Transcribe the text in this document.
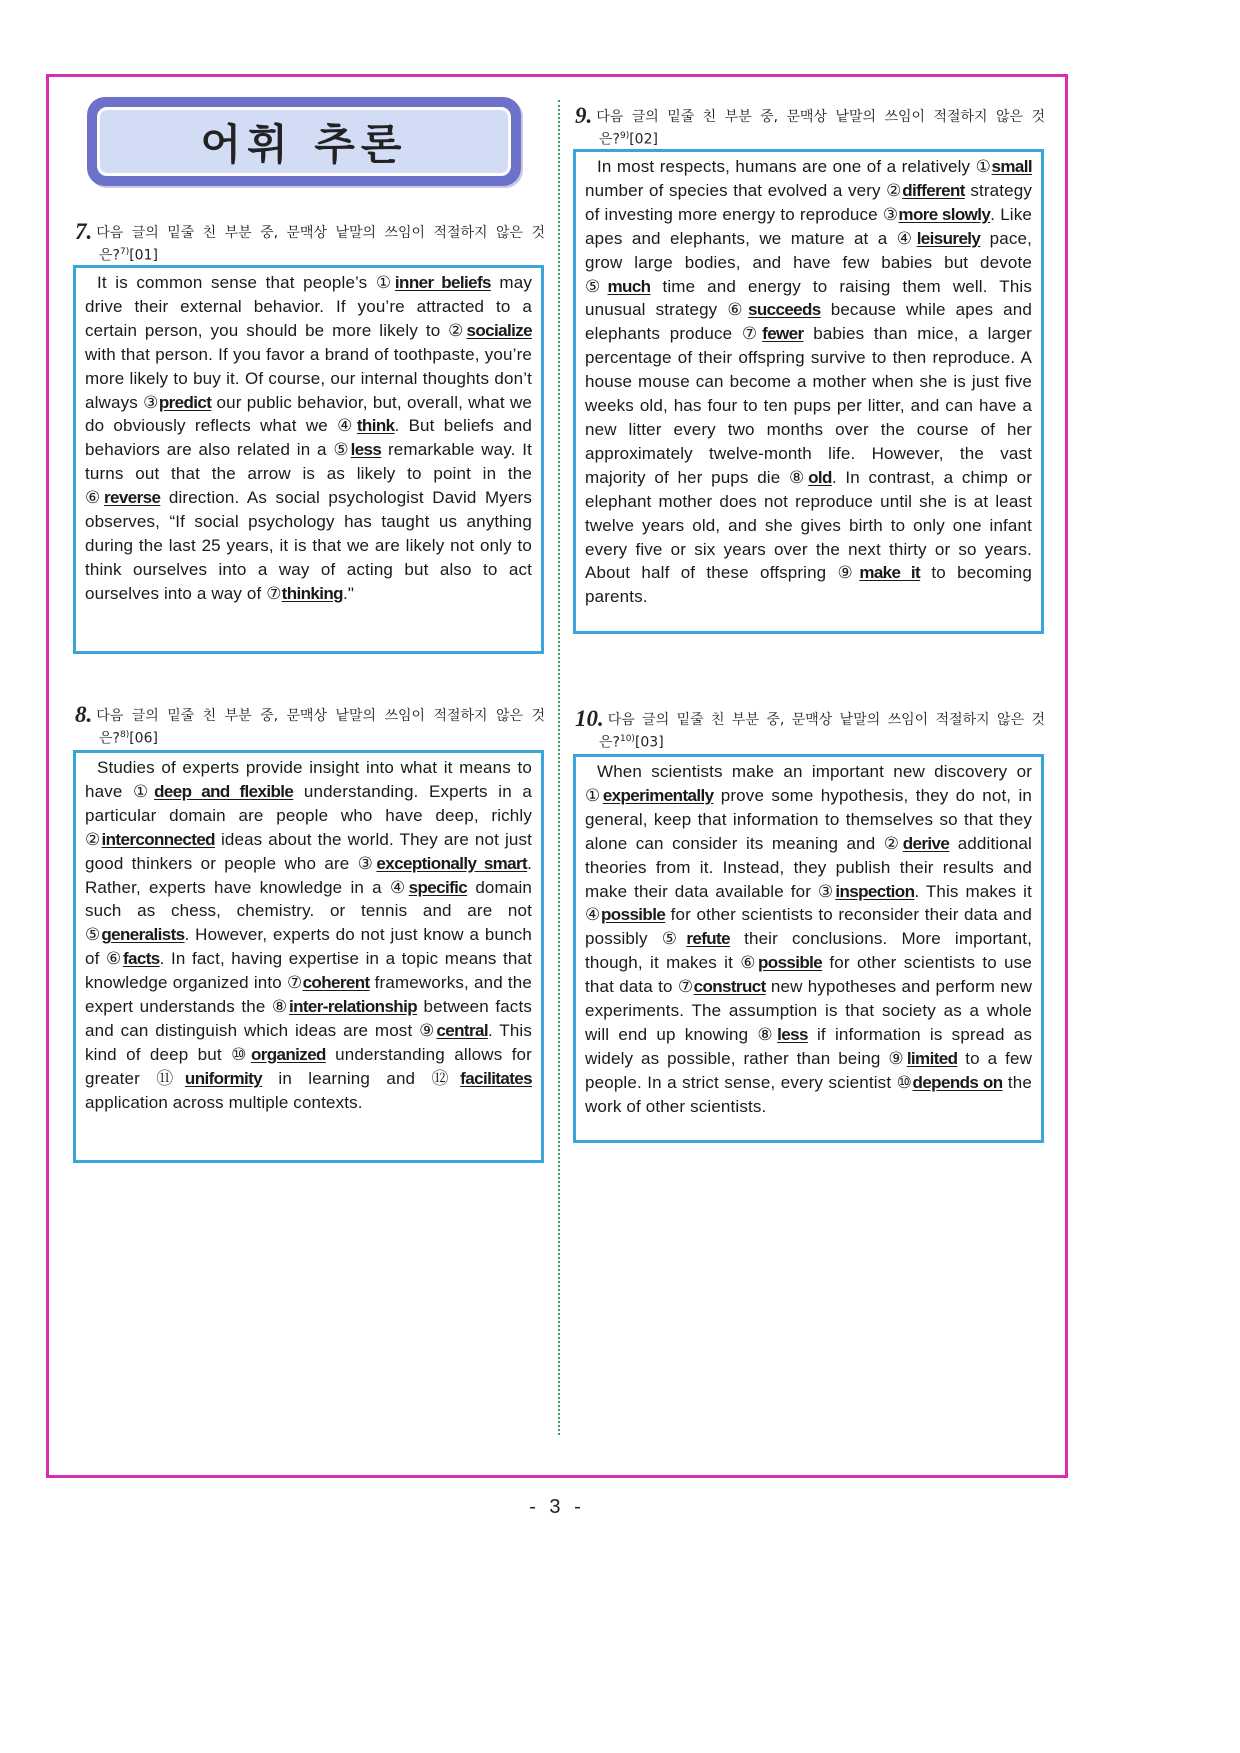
어휘 추론
7. 다음 글의 밑줄 친 부분 중, 문맥상 낱말의 쓰임이 적절하지 않은 것
은?$^{7)}$[01]

It is common sense that people’s ①inner beliefs may drive their external behavior. If you’re attracted to a certain person, you should be more likely to ②socialize with that person. If you favor a brand of toothpaste, you’re more likely to buy it. Of course, our internal thoughts don’t always ③predict our public behavior, but, overall, what we do obviously reflects what we ④think. But beliefs and behaviors are also related in a ⑤less remarkable way. It turns out that the arrow is as likely to point in the ⑥reverse direction. As social psychologist David Myers observes, “If social psychology has taught us anything during the last 25 years, it is that we are likely not only to think ourselves into a way of acting but also to act ourselves into a way of ⑦thinking."

8. 다음 글의 밑줄 친 부분 중, 문맥상 낱말의 쓰임이 적절하지 않은 것
은?$^{8)}$[06]

Studies of experts provide insight into what it means to have ①deep and flexible understanding. Experts in a particular domain are people who have deep, richly ②interconnected ideas about the world. They are not just good thinkers or people who are ③exceptionally smart. Rather, experts have knowledge in a ④specific domain such as chess, chemistry. or tennis and are not ⑤generalists. However, experts do not just know a bunch of ⑥facts. In fact, having expertise in a topic means that knowledge organized into ⑦coherent frameworks, and the expert understands the ⑧inter-relationship between facts and can distinguish which ideas are most ⑨central. This kind of deep but ⑩organized understanding allows for greater ⑪uniformity in learning and ⑫facilitates application across multiple contexts.

9. 다음 글의 밑줄 친 부분 중, 문맥상 낱말의 쓰임이 적절하지 않은 것
은?$^{9)}$[02]

In most respects, humans are one of a relatively ①small number of species that evolved a very ②different strategy of investing more energy to reproduce ③more slowly. Like apes and elephants, we mature at a ④leisurely pace, grow large bodies, and have few babies but devote ⑤much time and energy to raising them well. This unusual strategy ⑥succeeds because while apes and elephants produce ⑦fewer babies than mice, a larger percentage of their offspring survive to then reproduce. A house mouse can become a mother when she is just five weeks old, has four to ten pups per litter, and can have a new litter every two months over the course of her approximately twelve-month life. However, the vast majority of her pups die ⑧old. In contrast, a chimp or elephant mother does not reproduce until she is at least twelve years old, and she gives birth to only one infant every five or six years over the next thirty or so years. About half of these offspring ⑨make it to becoming parents.

10. 다음 글의 밑줄 친 부분 중, 문맥상 낱말의 쓰임이 적절하지 않은 것
은?$^{10)}$[03]

When scientists make an important new discovery or ①experimentally prove some hypothesis, they do not, in general, keep that information to themselves so that they alone can consider its meaning and ②derive additional theories from it. Instead, they publish their results and make their data available for ③inspection. This makes it ④possible for other scientists to reconsider their data and possibly ⑤refute their conclusions. More important, though, it makes it ⑥possible for other scientists to use that data to ⑦construct new hypotheses and perform new experiments. The assumption is that society as a whole will end up knowing ⑧less if information is spread as widely as possible, rather than being ⑨limited to a few people. In a strict sense, every scientist ⑩depends on the work of other scientists.

- 3 -
